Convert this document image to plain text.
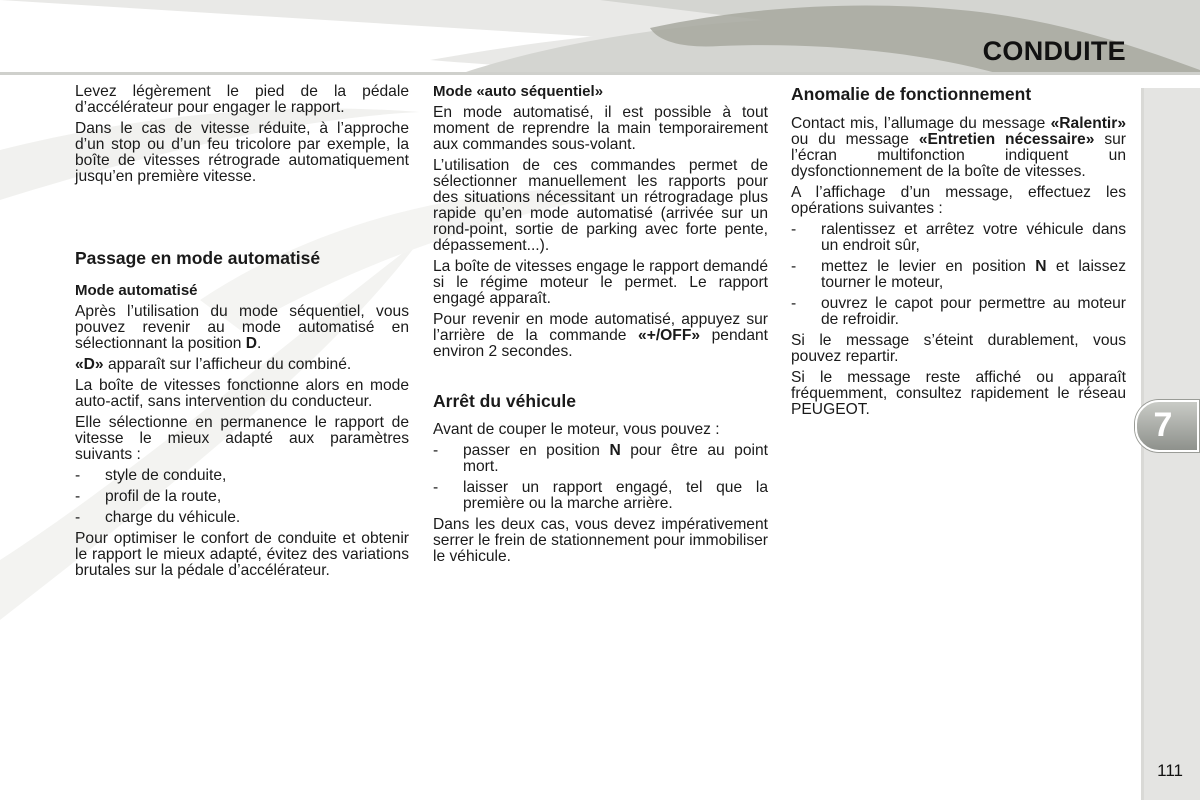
CONDUITE

Levez légèrement le pied de la pédale d’accélérateur pour engager le rapport.

Dans le cas de vitesse réduite, à l’approche d’un stop ou d’un feu tricolore par exemple, la boîte de vitesses rétrograde automatiquement jusqu’en première vitesse.

Passage en mode automatisé
Mode automatisé

Après l’utilisation du mode séquentiel, vous pouvez revenir au mode automatisé en sélectionnant la position D.

«D» apparaît sur l’afficheur du combiné.

La boîte de vitesses fonctionne alors en mode auto-actif, sans intervention du conducteur.

Elle sélectionne en permanence le rapport de vitesse le mieux adapté aux paramètres suivants :

-	style de conduite,
-	profil de la route,
-	charge du véhicule.

Pour optimiser le confort de conduite et obtenir le rapport le mieux adapté, évitez des variations brutales sur la pédale d’accélérateur.

Mode «auto séquentiel»

En mode automatisé, il est possible à tout moment de reprendre la main temporairement aux commandes sous-volant.

L’utilisation de ces commandes permet de sélectionner manuellement les rapports pour des situations nécessitant un rétrogradage plus rapide qu’en mode automatisé (arrivée sur un rond-point, sortie de parking avec forte pente, dépassement...).

La boîte de vitesses engage le rapport demandé si le régime moteur le permet. Le rapport engagé apparaît.

Pour revenir en mode automatisé, appuyez sur l’arrière de la commande «+/OFF» pendant environ 2 secondes.

Arrêt du véhicule

Avant de couper le moteur, vous pouvez :

-	passer en position N pour être au point mort.
-	laisser un rapport engagé, tel que la première ou la marche arrière.

Dans les deux cas, vous devez impérativement serrer le frein de stationnement pour immobiliser le véhicule.

Anomalie de fonctionnement

Contact mis, l’allumage du message «Ralentir» ou du message «Entretien nécessaire» sur l’écran multifonction indiquent un dysfonctionnement de la boîte de vitesses.

A l’affichage d’un message, effectuez les opérations suivantes :

-	ralentissez et arrêtez votre véhicule dans un endroit sûr,
-	mettez le levier en position N et laissez tourner le moteur,
-	ouvrez le capot pour permettre au moteur de refroidir.

Si le message s’éteint durablement, vous pouvez repartir.

Si le message reste affiché ou apparaît fréquemment, consultez rapidement le réseau PEUGEOT.	7
111
